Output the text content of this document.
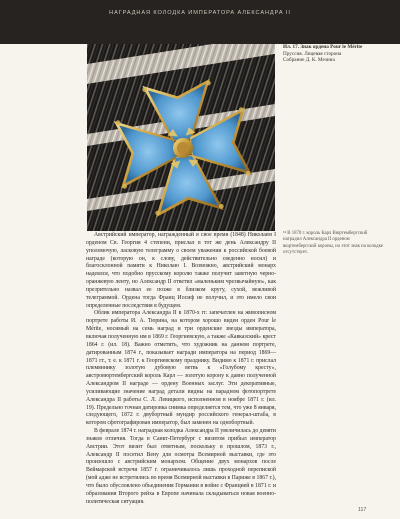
НАГРАДНАЯ КОЛОДКА ИМПЕРАТОРА АЛЕКСАНДРА II

Ил. 17. Знак ордена Pour le Mérite

Пруссия. Лицевая сторона

Собрание Д. К. Мезина

¹⁸ В 1870 г. король Карл Вюртембергский наградил Александра II орденом вюртембергской короны, но этот знак на колодке отсутствует.

Австрийский император, награжденный в свое время (1848) Николаем I орденом Св. Георгия 4 степени, прислал в тот же день Александру II уполомочую, ласковую телеграмму о своем уважении к российской боевой награде (которую он, к слову, действительно сведенно носил) и благосклонной памяти к Николаю I. Возможно, австрийский монарх надеялся, что подобно прусскому королю также получит заветную черно-оранжевую ленту, но Александр II ответил «маленьким чрезвычайную», как презрительно назвал ее позже в близком кругу, сухой, вежливой телеграммой. Ордена тогда Франц Иосиф не получил, и это имело свои определенные последствия в будущем.

Облик императора Александра II в 1870-х гг. запечатлен на живописном портрете работы И. А. Тюрина, на котором хорошо виден орден Pour le Mérite, носимый на семь наград и три орденские звезды императора, включая полученную им в 1869 г. Георгиевскую, а также «Кавказский» крест 1864 г. (ил. 18). Важно отметить, что художник на данном портрете, датированным 1874 г., показывает награди императора на период 1869—1871 гг., т. е. к 1871 г. к Георгиевскому празднику. Видимо к 1871 г. прислал племяннику золотую дубовую ветвь к «Голубому кресту», австровюртембергский король Карл — золотую корону к давно полученной Александром II награде — ордену Военных заслуг. Эти декоративные, усиливающие значение наград детали видны на парадном фотопортрете Александра II работы С. Л. Левицкого, исполненном в ноябре 1871 г. (ил. 19). Предельно точная датировка снимка определяется тем, что уже 8 января, следующего, 1872 г. двубортный мундир российского генерал-штаба, в котором сфотографирован император, был заменен на однобортный.

В феврале 1874 г. наградная колодка Александра II увеличилась до девяти знаков отличия. Тогда в Санкт-Петербург с визитом прибыл император Австрии. Этот визит был ответным, поскольку в прошлом, 1873 г., Александр II посетил Вену для осмотра Всемирной выставки, где это произошло с австрийским монархом. Общение двух монархов после Веймарской встречи 1857 г. ограничивалось лишь проходной перепиской (мой адже не встретились во время Всемирной выставки в Париже в 1867 г.), что было обусловлено объединения Германии в войне с Францией в 1871 г. и образования Второго рейха в Европе начинала складываться новая военно-политическая ситуация.

117
